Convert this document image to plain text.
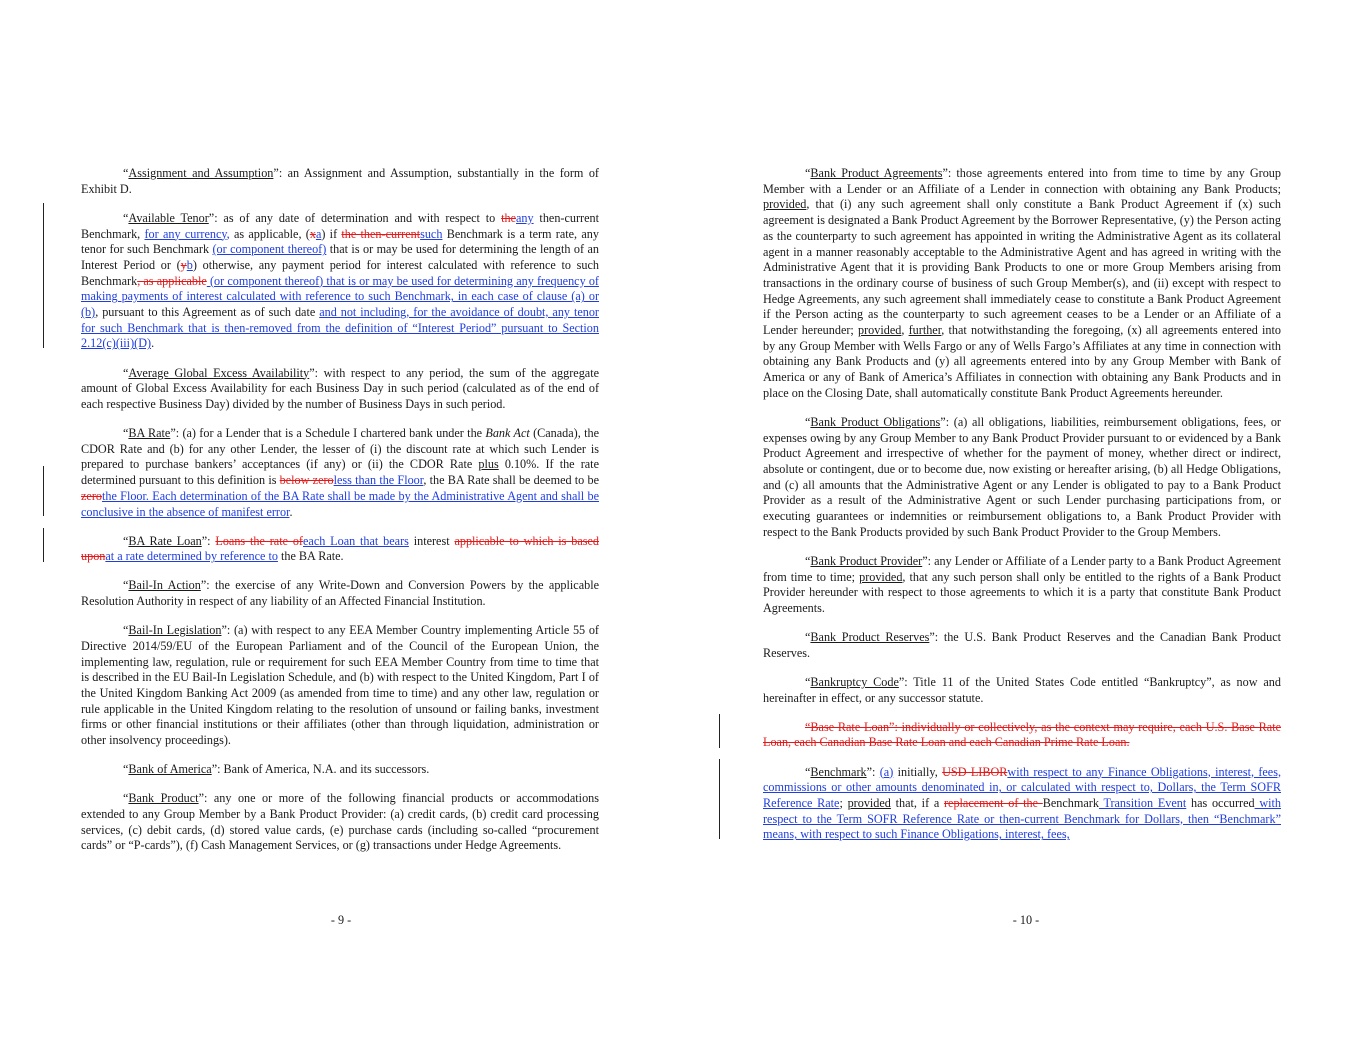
“Assignment and Assumption”: an Assignment and Assumption, substantially in the form of Exhibit D.

“Available Tenor”: as of any date of determination and with respect to theany then-current Benchmark, for any currency, as applicable, (xa) if the then-currentsuch Benchmark is a term rate, any tenor for such Benchmark (or component thereof) that is or may be used for determining the length of an Interest Period or (yb) otherwise, any payment period for interest calculated with reference to such Benchmark, as applicable (or component thereof) that is or may be used for determining any frequency of making payments of interest calculated with reference to such Benchmark, in each case of clause (a) or (b), pursuant to this Agreement as of such date and not including, for the avoidance of doubt, any tenor for such Benchmark that is then-removed from the definition of “Interest Period” pursuant to Section 2.12(c)(iii)(D).

“Average Global Excess Availability”: with respect to any period, the sum of the aggregate amount of Global Excess Availability for each Business Day in such period (calculated as of the end of each respective Business Day) divided by the number of Business Days in such period.

“BA Rate”: (a) for a Lender that is a Schedule I chartered bank under the Bank Act (Canada), the CDOR Rate and (b) for any other Lender, the lesser of (i) the discount rate at which such Lender is prepared to purchase bankers’ acceptances (if any) or (ii) the CDOR Rate plus 0.10%. If the rate determined pursuant to this definition is below zeroless than the Floor, the BA Rate shall be deemed to be zerothe Floor. Each determination of the BA Rate shall be made by the Administrative Agent and shall be conclusive in the absence of manifest error.

“BA Rate Loan”: Loans the rate ofeach Loan that bears interest applicable to which is based uponat a rate determined by reference to the BA Rate.

“Bail-In Action”: the exercise of any Write-Down and Conversion Powers by the applicable Resolution Authority in respect of any liability of an Affected Financial Institution.

“Bail-In Legislation”: (a) with respect to any EEA Member Country implementing Article 55 of Directive 2014/59/EU of the European Parliament and of the Council of the European Union, the implementing law, regulation, rule or requirement for such EEA Member Country from time to time that is described in the EU Bail-In Legislation Schedule, and (b) with respect to the United Kingdom, Part I of the United Kingdom Banking Act 2009 (as amended from time to time) and any other law, regulation or rule applicable in the United Kingdom relating to the resolution of unsound or failing banks, investment firms or other financial institutions or their affiliates (other than through liquidation, administration or other insolvency proceedings).

“Bank of America”: Bank of America, N.A. and its successors.

“Bank Product”: any one or more of the following financial products or accommodations extended to any Group Member by a Bank Product Provider: (a) credit cards, (b) credit card processing services, (c) debit cards, (d) stored value cards, (e) purchase cards (including so-called “procurement cards” or “P-cards”), (f) Cash Management Services, or (g) transactions under Hedge Agreements.

- 9 -

“Bank Product Agreements”: those agreements entered into from time to time by any Group Member with a Lender or an Affiliate of a Lender in connection with obtaining any Bank Products; provided, that (i) any such agreement shall only constitute a Bank Product Agreement if (x) such agreement is designated a Bank Product Agreement by the Borrower Representative, (y) the Person acting as the counterparty to such agreement has appointed in writing the Administrative Agent as its collateral agent in a manner reasonably acceptable to the Administrative Agent and has agreed in writing with the Administrative Agent that it is providing Bank Products to one or more Group Members arising from transactions in the ordinary course of business of such Group Member(s), and (ii) except with respect to Hedge Agreements, any such agreement shall immediately cease to constitute a Bank Product Agreement if the Person acting as the counterparty to such agreement ceases to be a Lender or an Affiliate of a Lender hereunder; provided, further, that notwithstanding the foregoing, (x) all agreements entered into by any Group Member with Wells Fargo or any of Wells Fargo’s Affiliates at any time in connection with obtaining any Bank Products and (y) all agreements entered into by any Group Member with Bank of America or any of Bank of America’s Affiliates in connection with obtaining any Bank Products and in place on the Closing Date, shall automatically constitute Bank Product Agreements hereunder.

“Bank Product Obligations”: (a) all obligations, liabilities, reimbursement obligations, fees, or expenses owing by any Group Member to any Bank Product Provider pursuant to or evidenced by a Bank Product Agreement and irrespective of whether for the payment of money, whether direct or indirect, absolute or contingent, due or to become due, now existing or hereafter arising, (b) all Hedge Obligations, and (c) all amounts that the Administrative Agent or any Lender is obligated to pay to a Bank Product Provider as a result of the Administrative Agent or such Lender purchasing participations from, or executing guarantees or indemnities or reimbursement obligations to, a Bank Product Provider with respect to the Bank Products provided by such Bank Product Provider to the Group Members.

“Bank Product Provider”: any Lender or Affiliate of a Lender party to a Bank Product Agreement from time to time; provided, that any such person shall only be entitled to the rights of a Bank Product Provider hereunder with respect to those agreements to which it is a party that constitute Bank Product Agreements.

“Bank Product Reserves”: the U.S. Bank Product Reserves and the Canadian Bank Product Reserves.

“Bankruptcy Code”: Title 11 of the United States Code entitled “Bankruptcy”, as now and hereinafter in effect, or any successor statute.

“Base Rate Loan”: individually or collectively, as the context may require, each U.S. Base Rate Loan, each Canadian Base Rate Loan and each Canadian Prime Rate Loan.

“Benchmark”: (a) initially, USD LIBORwith respect to any Finance Obligations, interest, fees, commissions or other amounts denominated in, or calculated with respect to, Dollars, the Term SOFR Reference Rate; provided that, if a replacement of the Benchmark Transition Event has occurred with respect to the Term SOFR Reference Rate or then-current Benchmark for Dollars, then “Benchmark” means, with respect to such Finance Obligations, interest, fees,

- 10 -
